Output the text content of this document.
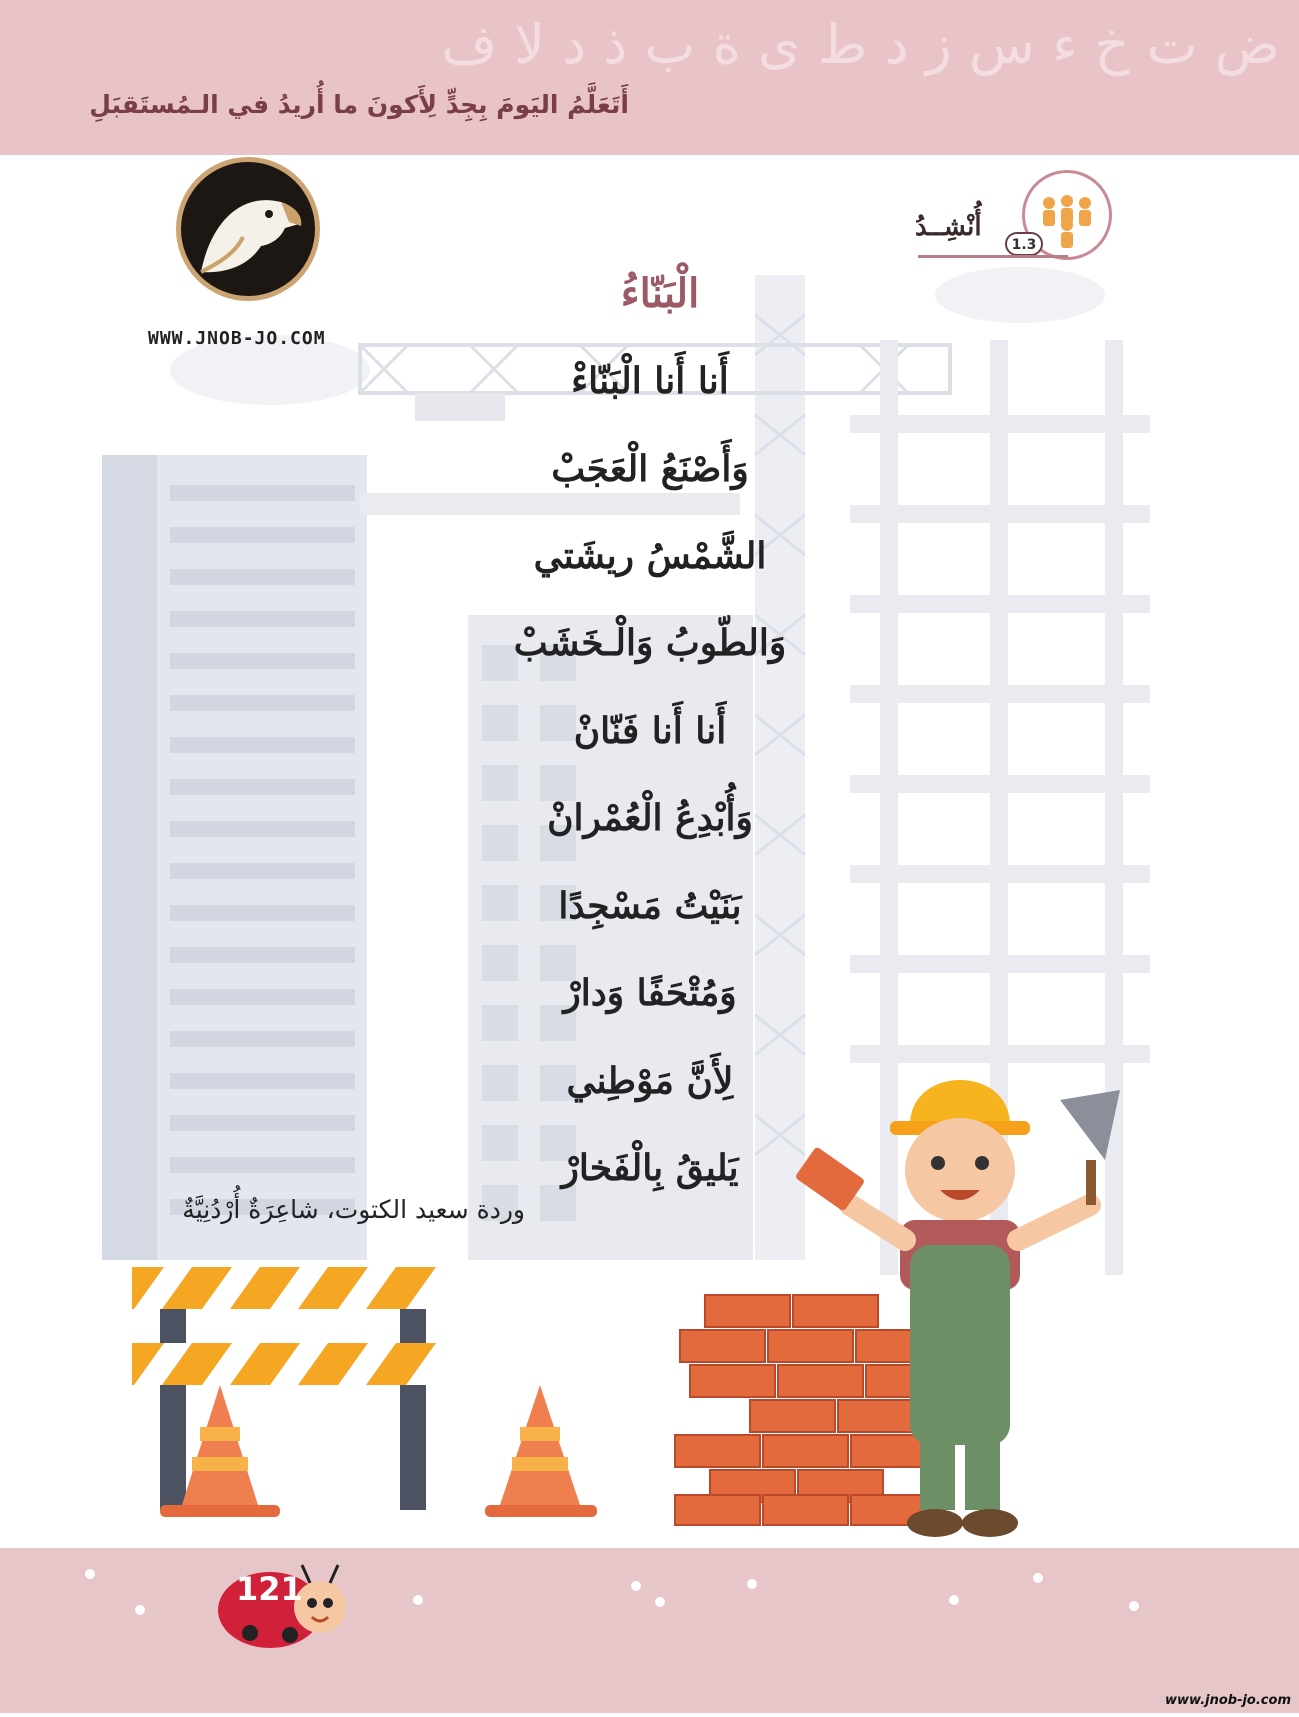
ض ت خ ء س ز د ط ى ة ب ذ د لا ف
أَتَعَلَّمُ اليَومَ بِجِدٍّ لِأَكونَ ما أُريدُ في الـمُستَقبَلِ
WWW.JNOB-JO.COM
1.3
أُنْشِــدُ
الْبَنّاءُ
أَنا أَنا الْبَنّاءْ
وَأَصْنَعُ الْعَجَبْ
الشَّمْسُ ريشَتي
وَالطّوبُ وَالْـخَشَبْ
أَنا أَنا فَنّانْ
وَأُبْدِعُ الْعُمْرانْ
بَنَيْتُ مَسْجِدًا
وَمُتْحَفًا وَدارْ
لِأَنَّ مَوْطِني
يَليقُ بِالْفَخارْ
وردة سعيد الكتوت، شاعِرَةٌ أُرْدُنِيَّةٌ
121
www.jnob-jo.com
